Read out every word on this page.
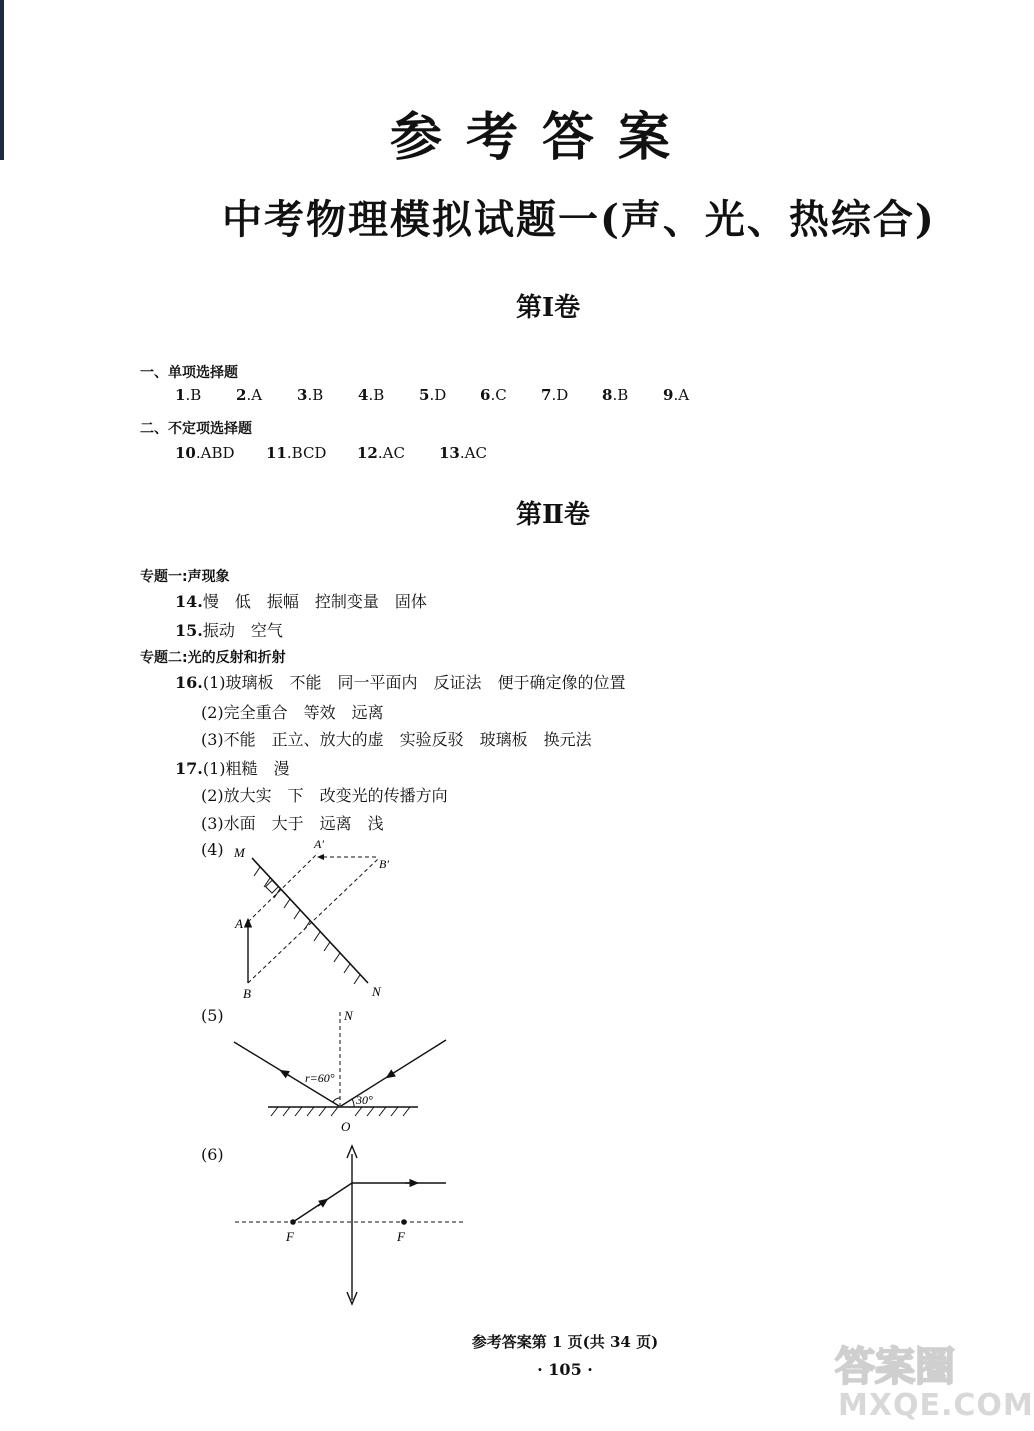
参考答案
中考物理模拟试题一(声、光、热综合)
第Ⅰ卷
一、单项选择题
1.B 2.A 3.B 4.B 5.D 6.C 7.D 8.B 9.A
二、不定项选择题
10.ABD 11.BCD 12.AC 13.AC
第Ⅱ卷
专题一:声现象
14.慢　低　振幅　控制变量　固体
15.振动　空气
专题二:光的反射和折射
16.(1)玻璃板　不能　同一平面内　反证法　便于确定像的位置
(2)完全重合　等效　远离
(3)不能　正立、放大的虚　实验反驳　玻璃板　换元法
17.(1)粗糙　漫
(2)放大实　下　改变光的传播方向
(3)水面　大于　远离　浅
(4)
(5)
(6)
M
N
A
B
A′
B′
N
O
r=60°
30°
F	F
参考答案第 1 页(共 34 页)
· 105 ·	答案圈
MXQE.COM
